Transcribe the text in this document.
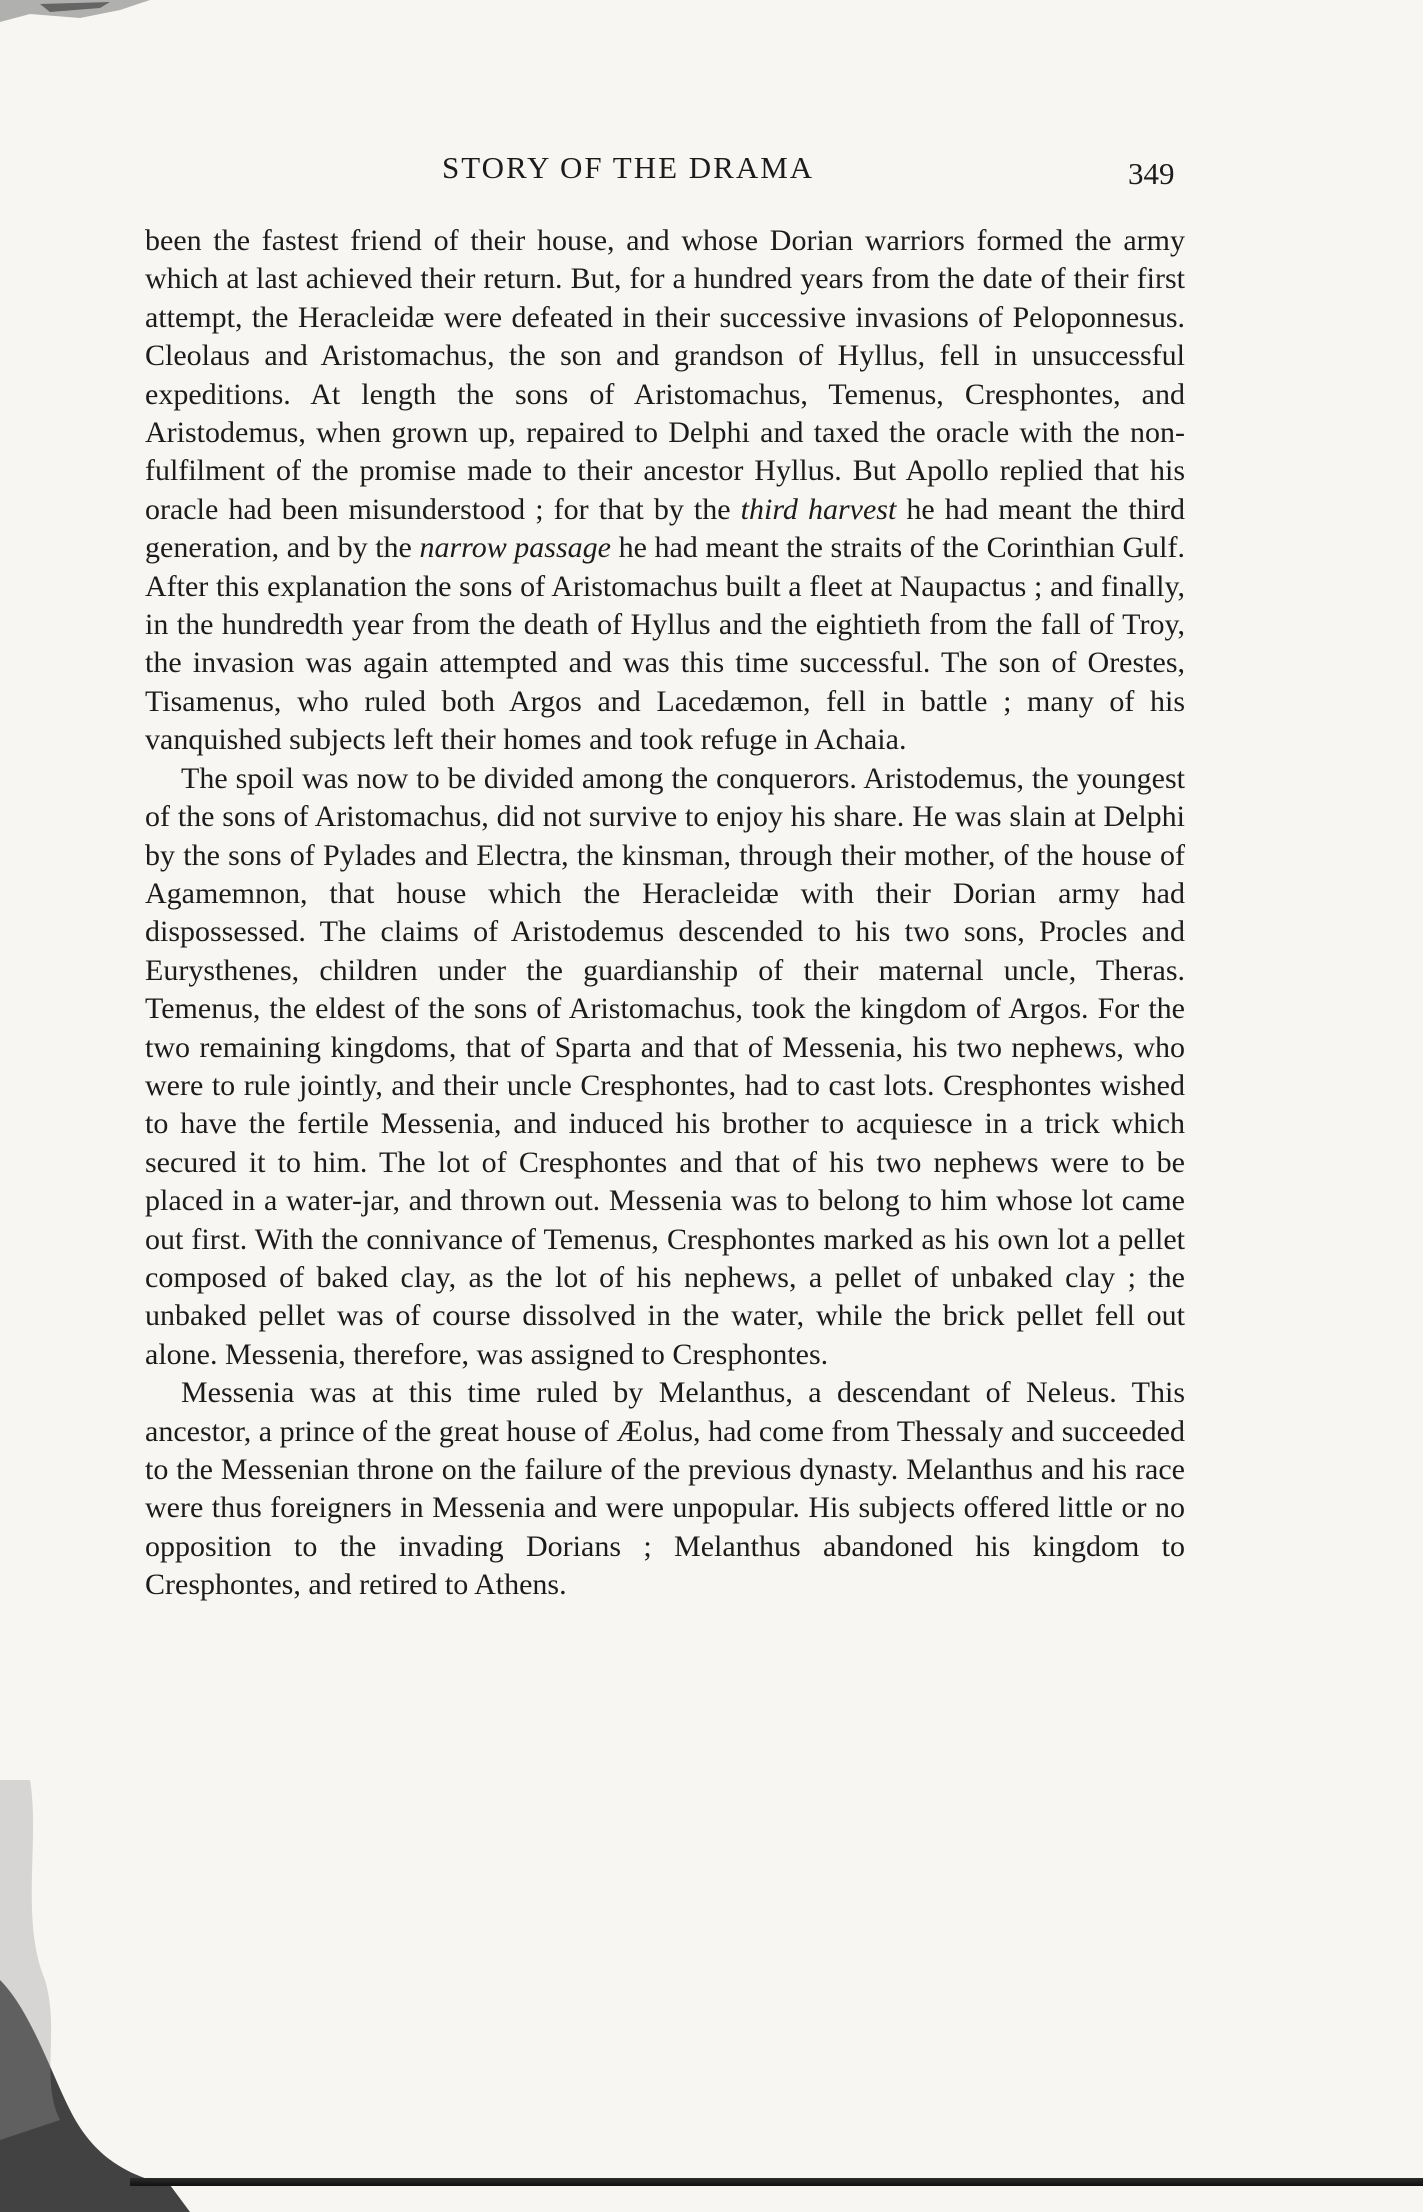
STORY OF THE DRAMA	349

been the fastest friend of their house, and whose Dorian warriors formed the army which at last achieved their return. But, for a hundred years from the date of their first attempt, the Heracleidæ were defeated in their successive invasions of Peloponnesus. Cleolaus and Aristomachus, the son and grandson of Hyllus, fell in unsuccessful expeditions. At length the sons of Aristomachus, Temenus, Cresphontes, and Aristodemus, when grown up, repaired to Delphi and taxed the oracle with the non-fulfilment of the promise made to their ancestor Hyllus. But Apollo replied that his oracle had been misunderstood ; for that by the third harvest he had meant the third generation, and by the narrow passage he had meant the straits of the Corinthian Gulf. After this explanation the sons of Aristomachus built a fleet at Naupactus ; and finally, in the hundredth year from the death of Hyllus and the eightieth from the fall of Troy, the invasion was again attempted and was this time successful. The son of Orestes, Tisamenus, who ruled both Argos and Lacedæmon, fell in battle ; many of his vanquished subjects left their homes and took refuge in Achaia.

The spoil was now to be divided among the conquerors. Aristodemus, the youngest of the sons of Aristomachus, did not survive to enjoy his share. He was slain at Delphi by the sons of Pylades and Electra, the kinsman, through their mother, of the house of Agamemnon, that house which the Heracleidæ with their Dorian army had dispossessed. The claims of Aristodemus descended to his two sons, Procles and Eurysthenes, children under the guardianship of their maternal uncle, Theras. Temenus, the eldest of the sons of Aristomachus, took the kingdom of Argos. For the two remaining kingdoms, that of Sparta and that of Messenia, his two nephews, who were to rule jointly, and their uncle Cresphontes, had to cast lots. Cresphontes wished to have the fertile Messenia, and induced his brother to acquiesce in a trick which secured it to him. The lot of Cresphontes and that of his two nephews were to be placed in a water-jar, and thrown out. Messenia was to belong to him whose lot came out first. With the connivance of Temenus, Cresphontes marked as his own lot a pellet composed of baked clay, as the lot of his nephews, a pellet of unbaked clay ; the unbaked pellet was of course dissolved in the water, while the brick pellet fell out alone. Messenia, therefore, was assigned to Cresphontes.

Messenia was at this time ruled by Melanthus, a descendant of Neleus. This ancestor, a prince of the great house of Æolus, had come from Thessaly and succeeded to the Messenian throne on the failure of the previous dynasty. Melanthus and his race were thus foreigners in Messenia and were unpopular. His subjects offered little or no opposition to the invading Dorians ; Melanthus abandoned his kingdom to Cresphontes, and retired to Athens.
